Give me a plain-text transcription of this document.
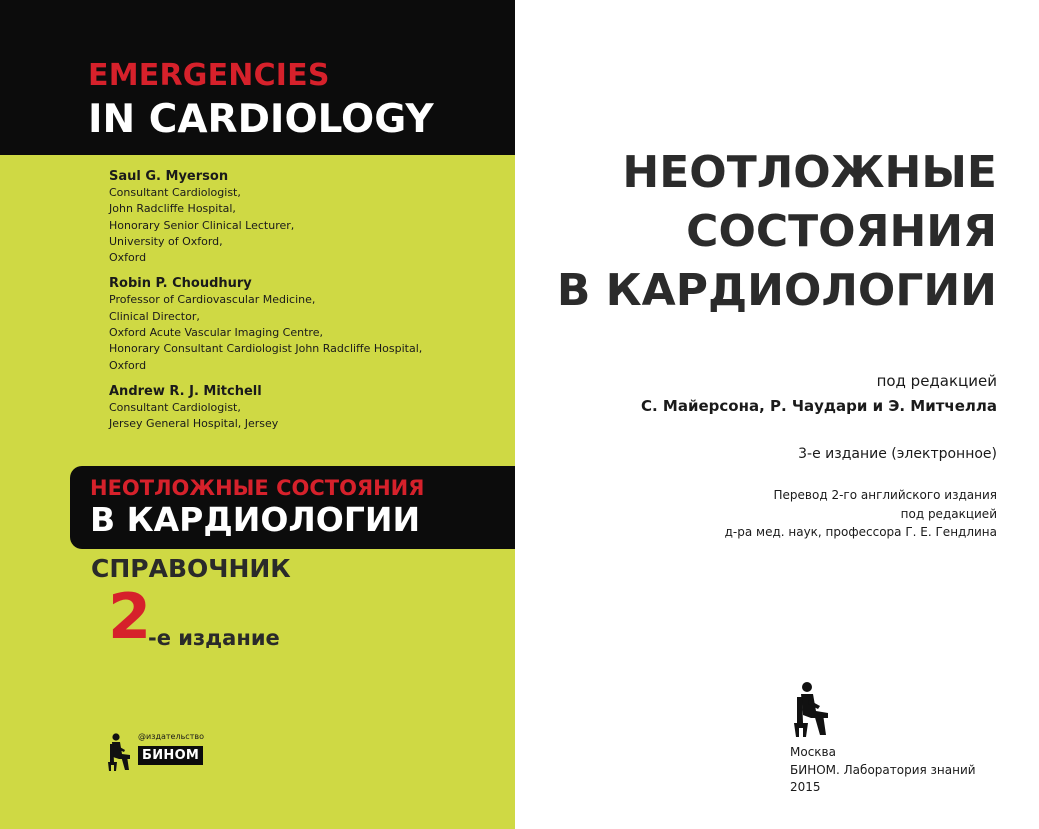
EMERGENCIES
IN CARDIOLOGY
Saul G. Myerson
Consultant Cardiologist,
John Radcliffe Hospital,
Honorary Senior Clinical Lecturer,
University of Oxford,
Oxford
Robin P. Choudhury
Professor of Cardiovascular Medicine,
Clinical Director,
Oxford Acute Vascular Imaging Centre,
Honorary Consultant Cardiologist John Radcliffe Hospital,
Oxford
Andrew R. J. Mitchell
Consultant Cardiologist,
Jersey General Hospital, Jersey
НЕОТЛОЖНЫЕ СОСТОЯНИЯ
В КАРДИОЛОГИИ
СПРАВОЧНИК
2
-е издание
@издательство
БИНОМ
НЕОТЛОЖНЫЕ
СОСТОЯНИЯ
В КАРДИОЛОГИИ
под редакцией
С. Майерсона, Р. Чаудари и Э. Митчелла
3-е издание (электронное)
Перевод 2-го английского издания
под редакцией
д-ра мед. наук, профессора Г. Е. Гендлина
Москва
БИНОМ. Лаборатория знаний
2015
